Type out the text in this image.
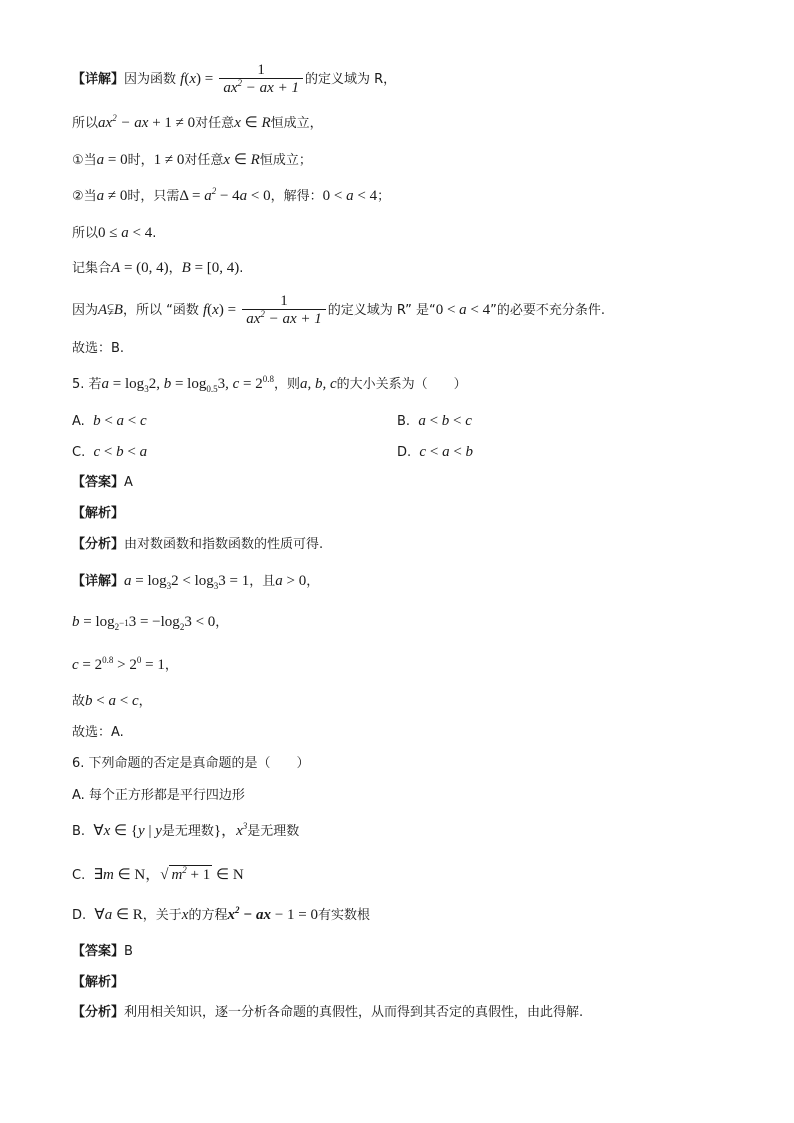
【详解】因为函数 $f(x) = \frac{1}{ax^2 - ax + 1}$ 的定义域为 R，
所以$ax^2$ − ax + 1 ≠ 0对任意x ∈ R恒成立，
①当a = 0时，1 ≠ 0对任意x ∈ R恒成立；
②当a ≠ 0时，只需$\Delta = a^2 - 4a < 0$，解得：0 < a < 4；
所以0 ≤ a < 4.
记集合A = (0, 4)，B = [0, 4).
因为A⫋B，所以 “函数 $f(x) = \frac{1}{ax^2 - ax + 1}$ 的定义域为 R” 是“0 < a < 4”的必要不充分条件.
故选：B.
5. 若$a = \log_32$, $b = \log_{0.5}3$, $c = 2^{0.8}$，则a, b, c的大小关系为（　　）
A. b < a < c	B. a < b < c
C. c < b < a	D. c < a < b
【答案】A
【解析】
【分析】由对数函数和指数函数的性质可得.
【详解】$a = \log_32 < \log_33 = 1$，且a > 0，
$b = \log_{2^{-1}}3 = -\log_23 < 0$，
$c = 2^{0.8} > 2^0 = 1$，
故b < a < c，
故选：A.
6. 下列命题的否定是真命题的是（　　）
A. 每个正方形都是平行四边形
B. ∀x ∈ {y | y是无理数}，$x^3$是无理数
C. ∃m ∈ N，√ $m^2 + 1$ ∈ N
D. ∀a ∈ R，关于x的方程$x^2$ − ax − 1 = 0有实数根
【答案】B
【解析】
【分析】利用相关知识，逐一分析各命题的真假性，从而得到其否定的真假性，由此得解.
